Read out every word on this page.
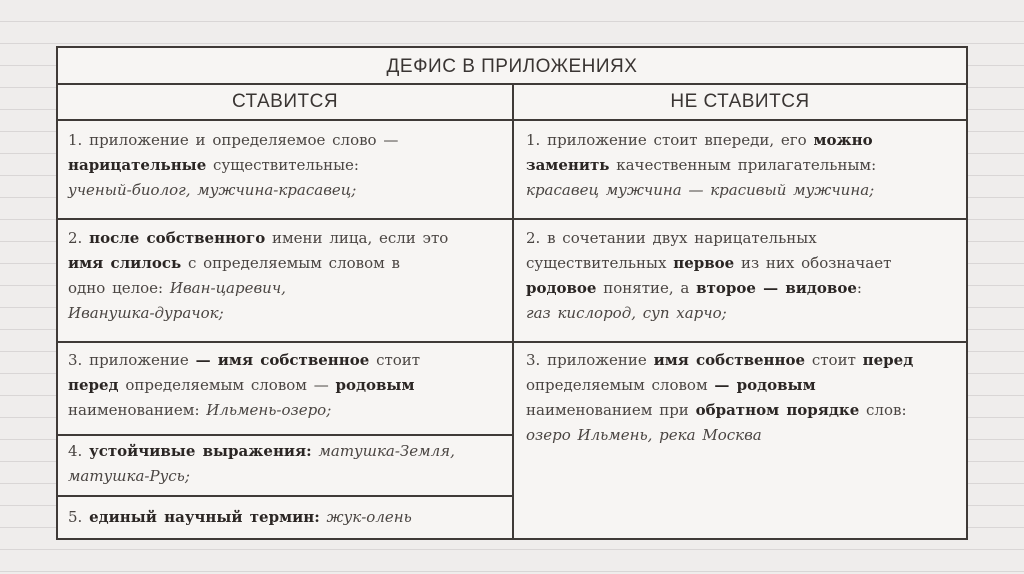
ДЕФИС В ПРИЛОЖЕНИЯХ
СТАВИТСЯ	НЕ СТАВИТСЯ

1. приложение и определяемое слово —

нарицательные существительные:

ученый-биолог, мужчина-красавец;

2. после собственного имени лица, если это

имя слилось с определяемым словом в

одно целое: Иван-царевич,

Иванушка-дурачок;

3. приложение — имя собственное стоит

перед определяемым словом — родовым

наименованием: Ильмень-озеро;

4. устойчивые выражения: матушка-Земля,

матушка-Русь;

5. единый научный термин: жук-олень

1. приложение стоит впереди, его можно

заменить качественным прилагательным:

красавец мужчина — красивый мужчина;

2. в сочетании двух нарицательных

существительных первое из них обозначает

родовое понятие, а второе — видовое:

газ кислород, суп харчо;

3. приложение имя собственное стоит перед

определяемым словом — родовым

наименованием при обратном порядке слов:

озеро Ильмень, река Москва
